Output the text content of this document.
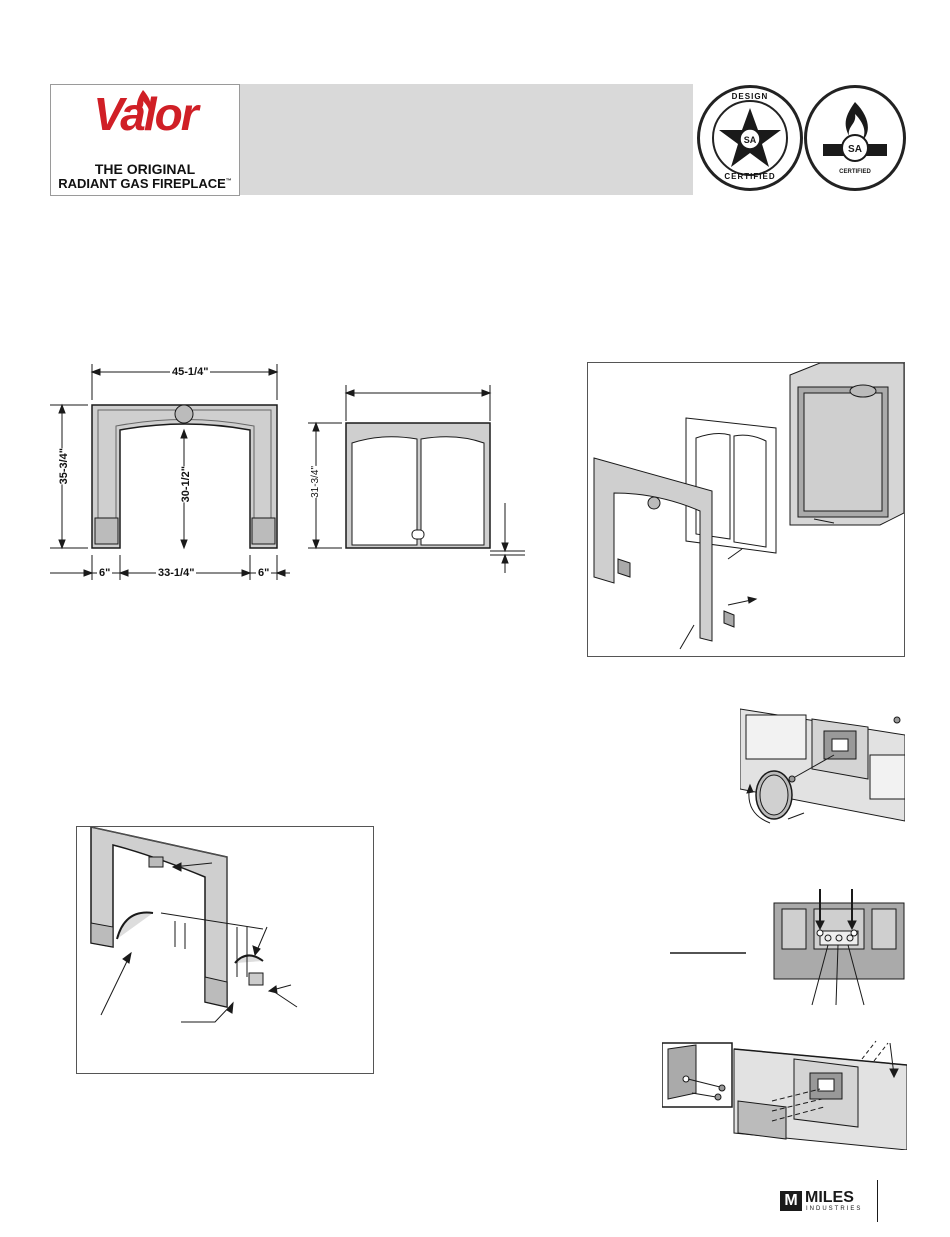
Valor
THE ORIGINAL
RADIANT GAS FIREPLACE™
DESIGN
CERTIFIED
SA
SA
CERTIFIED
45-1/4"
35-3/4"	30-1/2"
6"	33-1/4"	6"
31-3/4"
M MILES
INDUSTRIES
